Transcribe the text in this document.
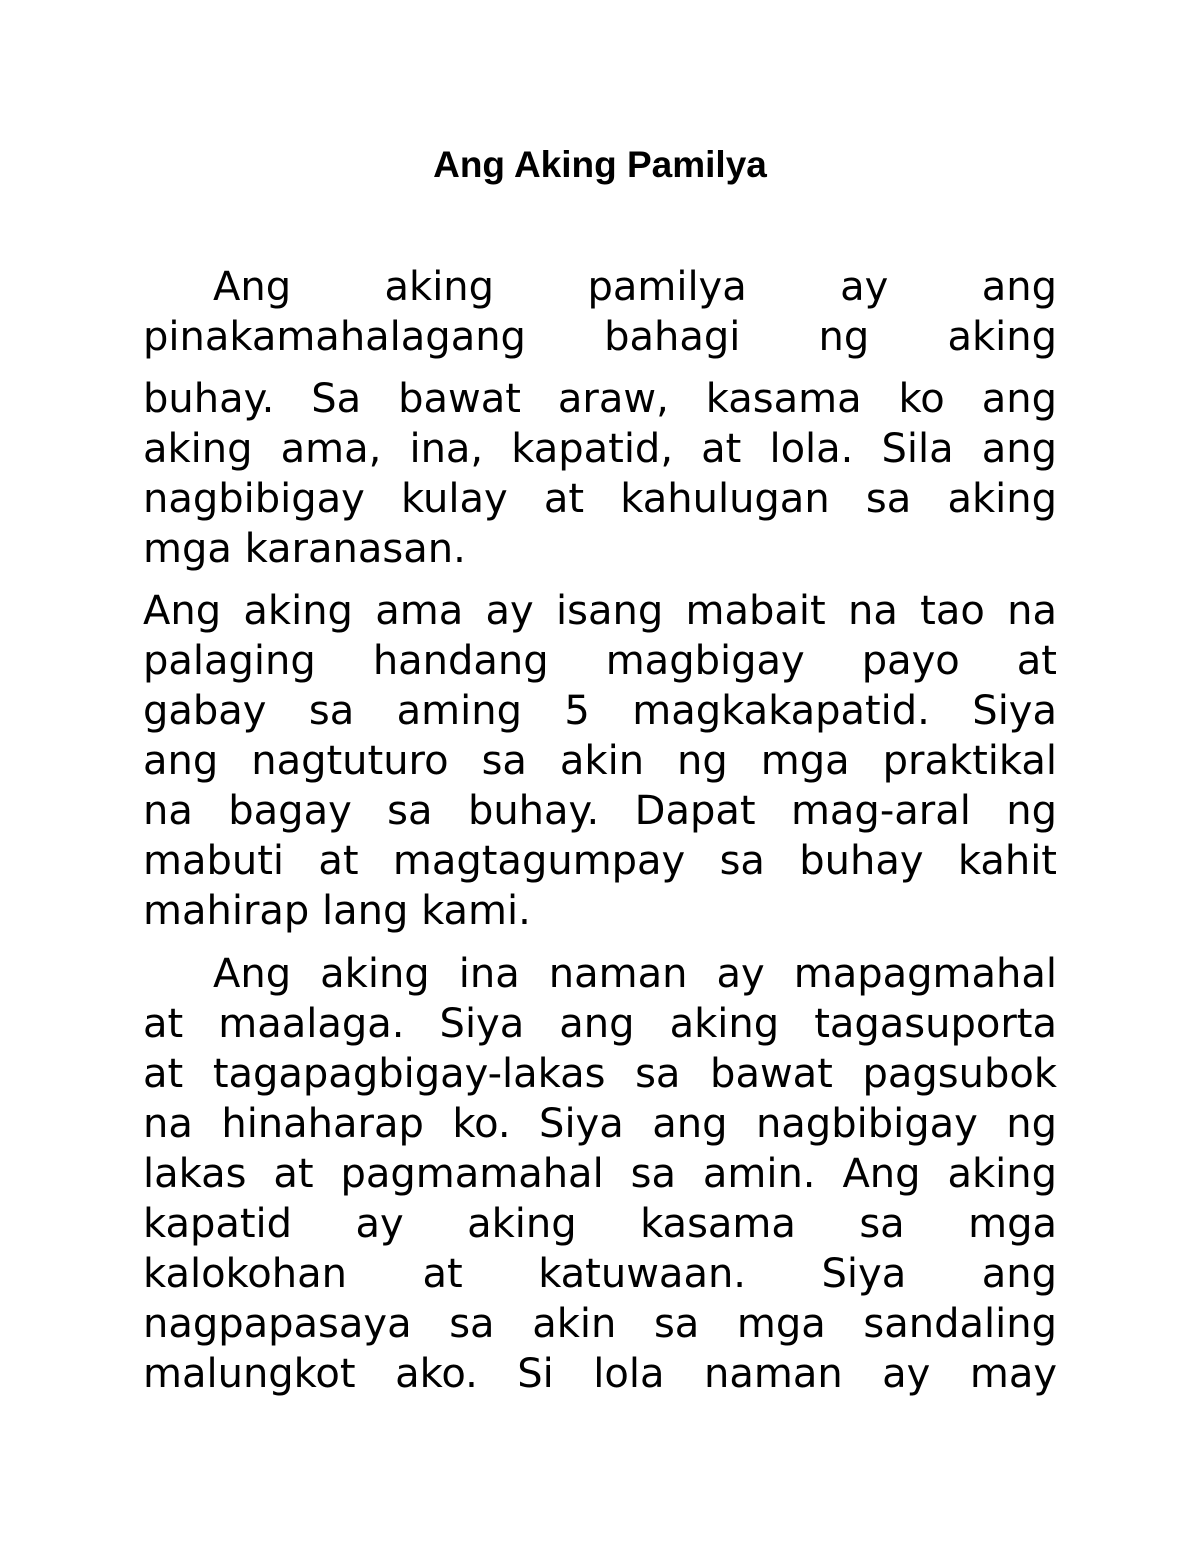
Ang Aking Pamilya
Ang aking pamilya ay ang
pinakamahalagang bahagi ng aking
buhay. Sa bawat araw, kasama ko ang
aking ama, ina, kapatid, at lola. Sila ang
nagbibigay kulay at kahulugan sa aking
mga karanasan.
Ang aking ama ay isang mabait na tao na
palaging handang magbigay payo at
gabay sa aming 5 magkakapatid. Siya
ang nagtuturo sa akin ng mga praktikal
na bagay sa buhay. Dapat mag-aral ng
mabuti at magtagumpay sa buhay kahit
mahirap lang kami.
Ang aking ina naman ay mapagmahal
at maalaga. Siya ang aking tagasuporta
at tagapagbigay-lakas sa bawat pagsubok
na hinaharap ko. Siya ang nagbibigay ng
lakas at pagmamahal sa amin. Ang aking
kapatid ay aking kasama sa mga
kalokohan at katuwaan. Siya ang
nagpapasaya sa akin sa mga sandaling
malungkot ako. Si lola naman ay may
